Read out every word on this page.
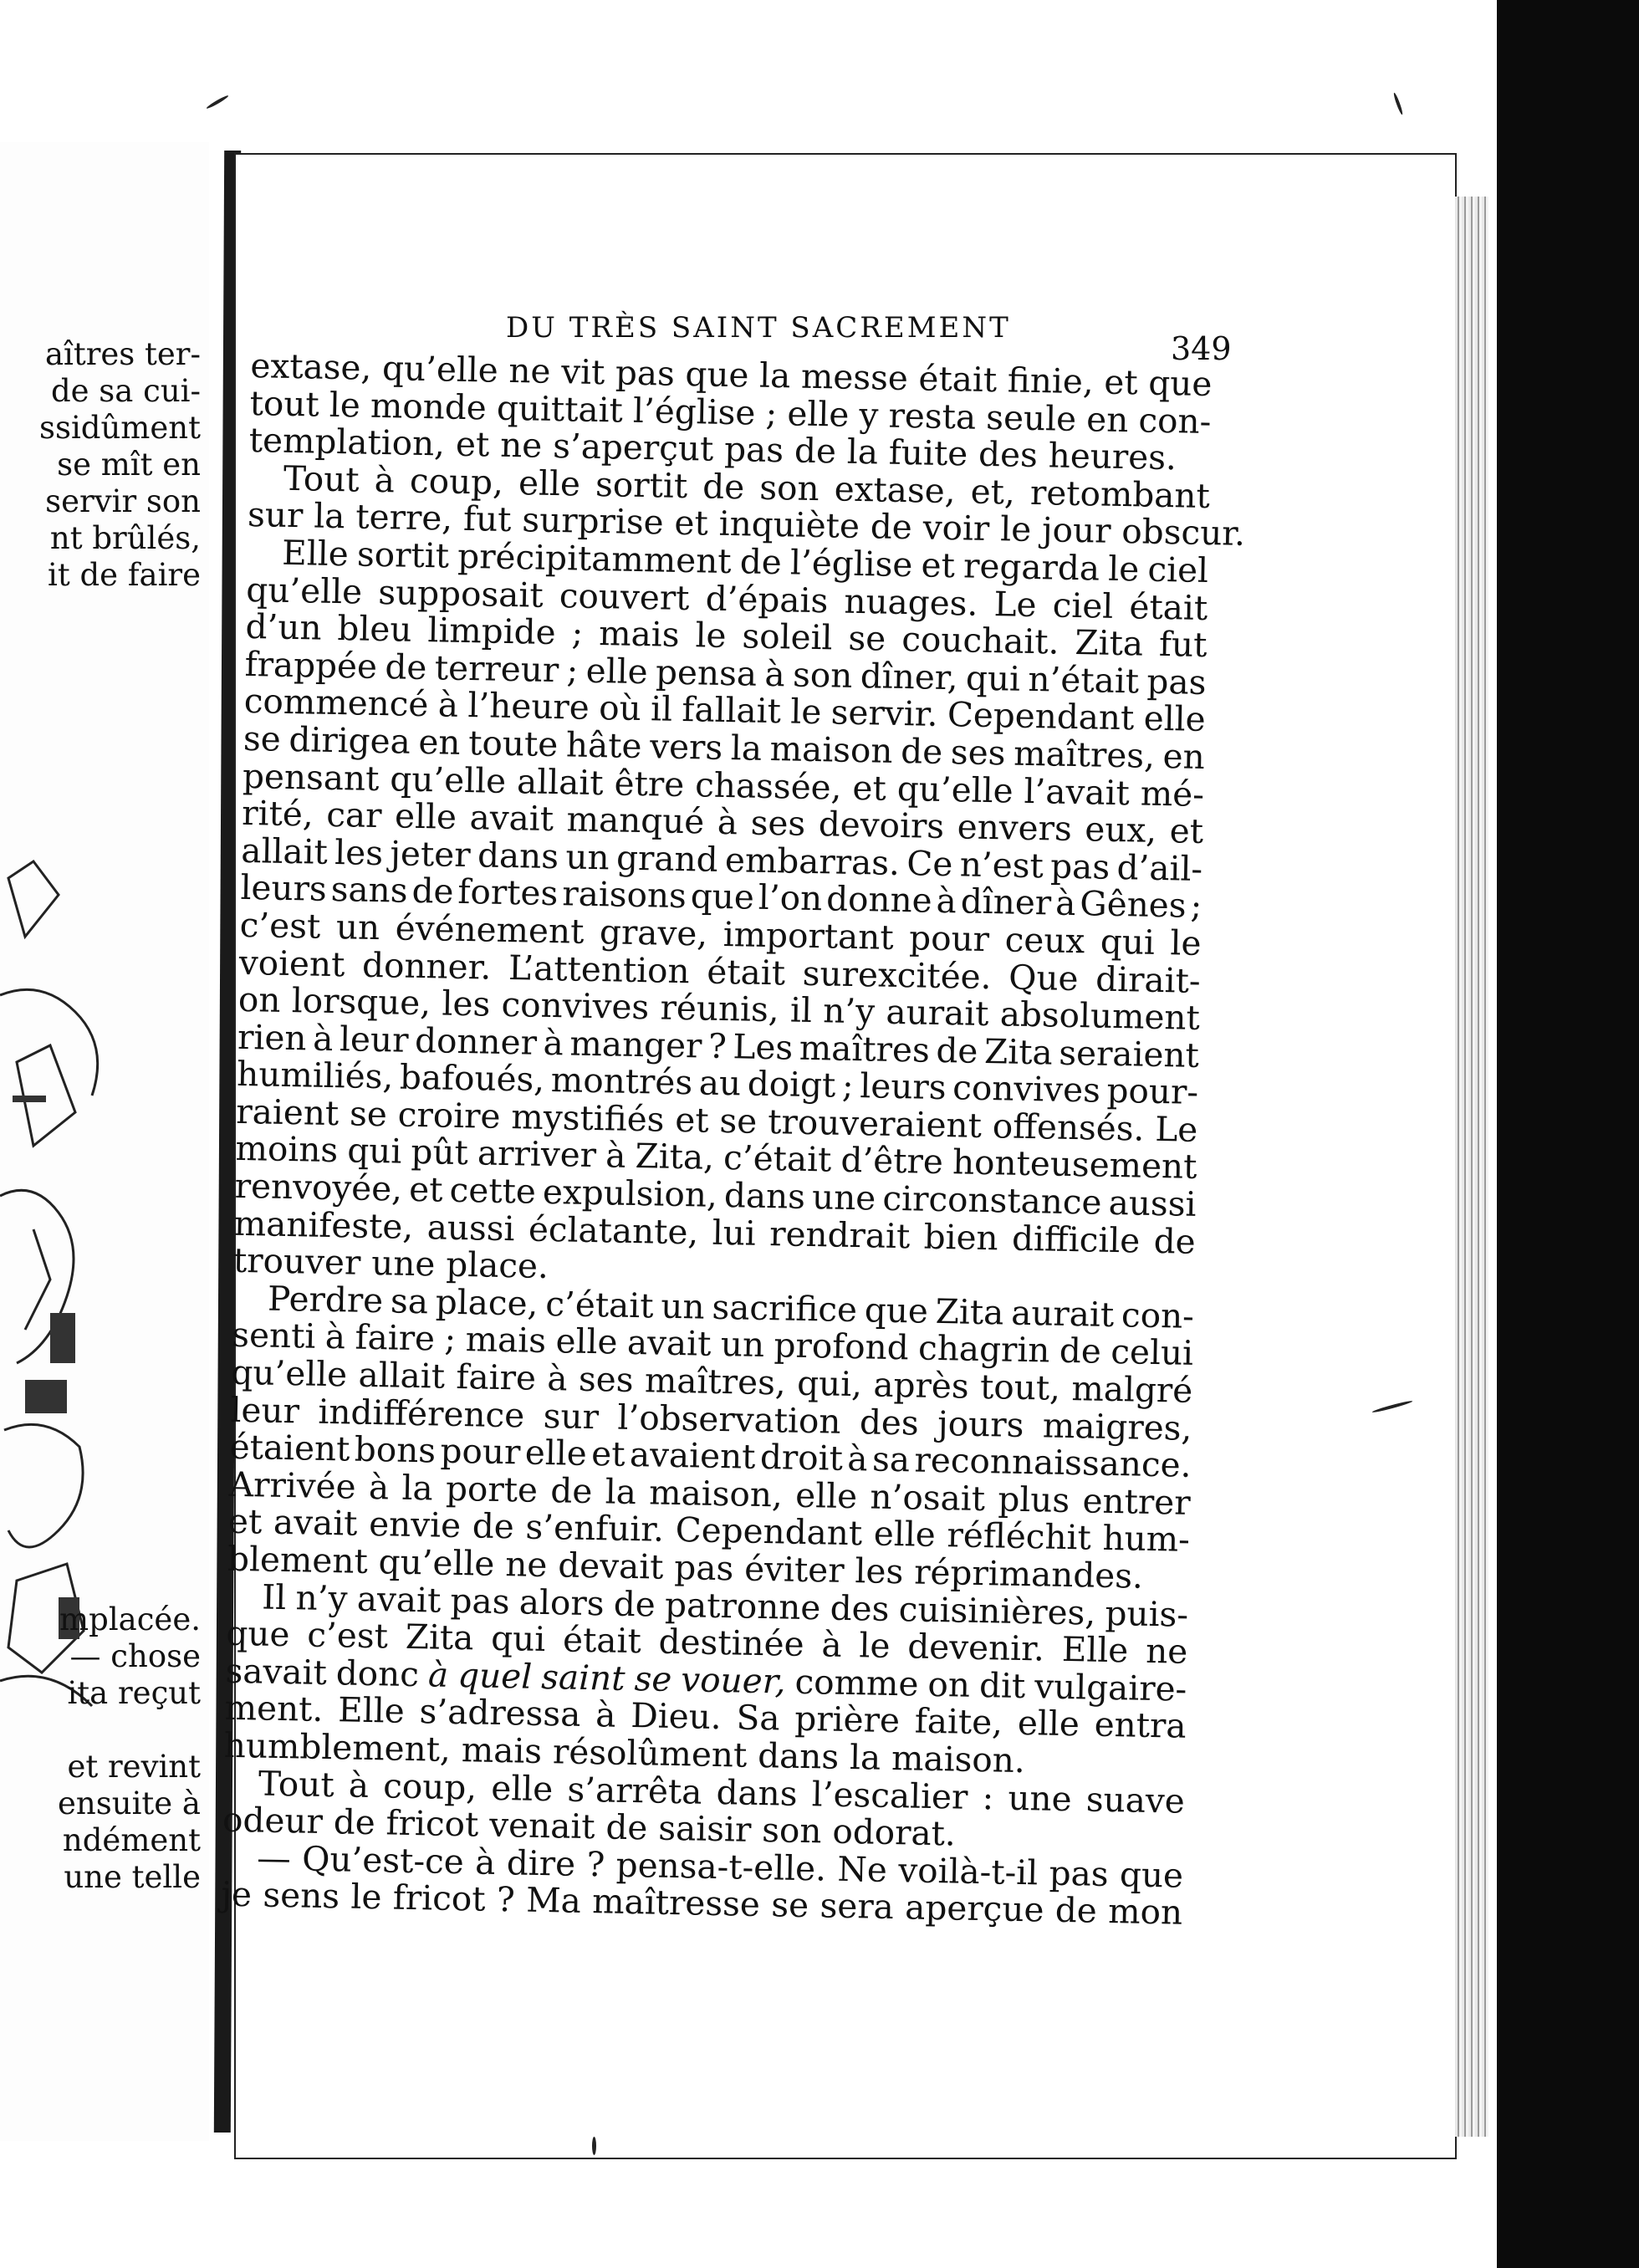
aîtres ter-
de sa cui-
ssidûment
se mît en
servir son
nt brûlés,
it de faire
mplacée.
— chose
ita reçut
et revint
ensuite à
ndément
une telle
DU TRÈS SAINT SACREMENT
349
extase, qu’elle ne vit pas que la messe était finie, et que
tout le monde quittait l’église ; elle y resta seule en con-
templation, et ne s’aperçut pas de la fuite des heures.
Tout à coup, elle sortit de son extase, et, retombant
sur la terre, fut surprise et inquiète de voir le jour obscur.
Elle sortit précipitamment de l’église et regarda le ciel
qu’elle supposait couvert d’épais nuages. Le ciel était
d’un bleu limpide ; mais le soleil se couchait. Zita fut
frappée de terreur ; elle pensa à son dîner, qui n’était pas
commencé à l’heure où il fallait le servir. Cependant elle
se dirigea en toute hâte vers la maison de ses maîtres, en
pensant qu’elle allait être chassée, et qu’elle l’avait mé-
rité, car elle avait manqué à ses devoirs envers eux, et
allait les jeter dans un grand embarras. Ce n’est pas d’ail-
leurs sans de fortes raisons que l’on donne à dîner à Gênes ;
c’est un événement grave, important pour ceux qui le
voient donner. L’attention était surexcitée. Que dirait-
on lorsque, les convives réunis, il n’y aurait absolument
rien à leur donner à manger ? Les maîtres de Zita seraient
humiliés, bafoués, montrés au doigt ; leurs convives pour-
raient se croire mystifiés et se trouveraient offensés. Le
moins qui pût arriver à Zita, c’était d’être honteusement
renvoyée, et cette expulsion, dans une circonstance aussi
manifeste, aussi éclatante, lui rendrait bien difficile de
trouver une place.
Perdre sa place, c’était un sacrifice que Zita aurait con-
senti à faire ; mais elle avait un profond chagrin de celui
qu’elle allait faire à ses maîtres, qui, après tout, malgré
leur indifférence sur l’observation des jours maigres,
étaient bons pour elle et avaient droit à sa reconnaissance.
Arrivée à la porte de la maison, elle n’osait plus entrer
et avait envie de s’enfuir. Cependant elle réfléchit hum-
blement qu’elle ne devait pas éviter les réprimandes.
Il n’y avait pas alors de patronne des cuisinières, puis-
que c’est Zita qui était destinée à le devenir. Elle ne
savait donc à quel saint se vouer, comme on dit vulgaire-
ment. Elle s’adressa à Dieu. Sa prière faite, elle entra
humblement, mais résolûment dans la maison.
Tout à coup, elle s’arrêta dans l’escalier : une suave
odeur de fricot venait de saisir son odorat.
— Qu’est-ce à dire ? pensa-t-elle. Ne voilà-t-il pas que
je sens le fricot ? Ma maîtresse se sera aperçue de mon
